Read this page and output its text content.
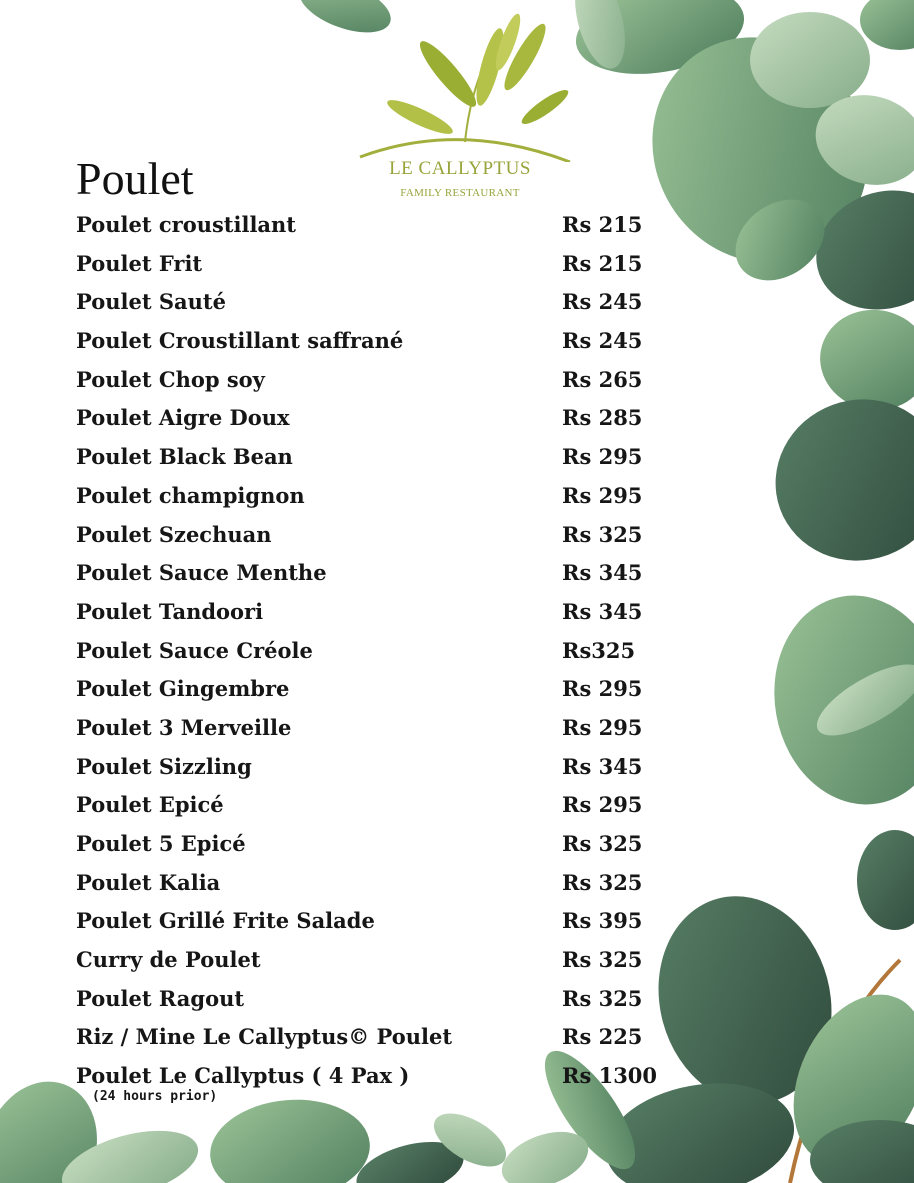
LE CALLYPTUS
FAMILY RESTAURANT
Poulet
Poulet croustillant	Rs 215
Poulet Frit	Rs 215
Poulet Sauté	Rs 245
Poulet Croustillant saffrané	Rs 245
Poulet Chop soy	Rs 265
Poulet Aigre Doux	Rs 285
Poulet Black Bean	Rs 295
Poulet champignon	Rs 295
Poulet Szechuan	Rs 325
Poulet Sauce Menthe	Rs 345
Poulet Tandoori	Rs 345
Poulet Sauce Créole	Rs325
Poulet Gingembre	Rs 295
Poulet 3 Merveille	Rs 295
Poulet Sizzling	Rs 345
Poulet Epicé	Rs 295
Poulet 5 Epicé	Rs 325
Poulet Kalia	Rs 325
Poulet Grillé Frite Salade	Rs 395
Curry de Poulet	Rs 325
Poulet Ragout	Rs 325
Riz / Mine Le Callyptus© Poulet	Rs 225
Poulet Le Callyptus ( 4 Pax )	Rs 1300
(24 hours prior)
